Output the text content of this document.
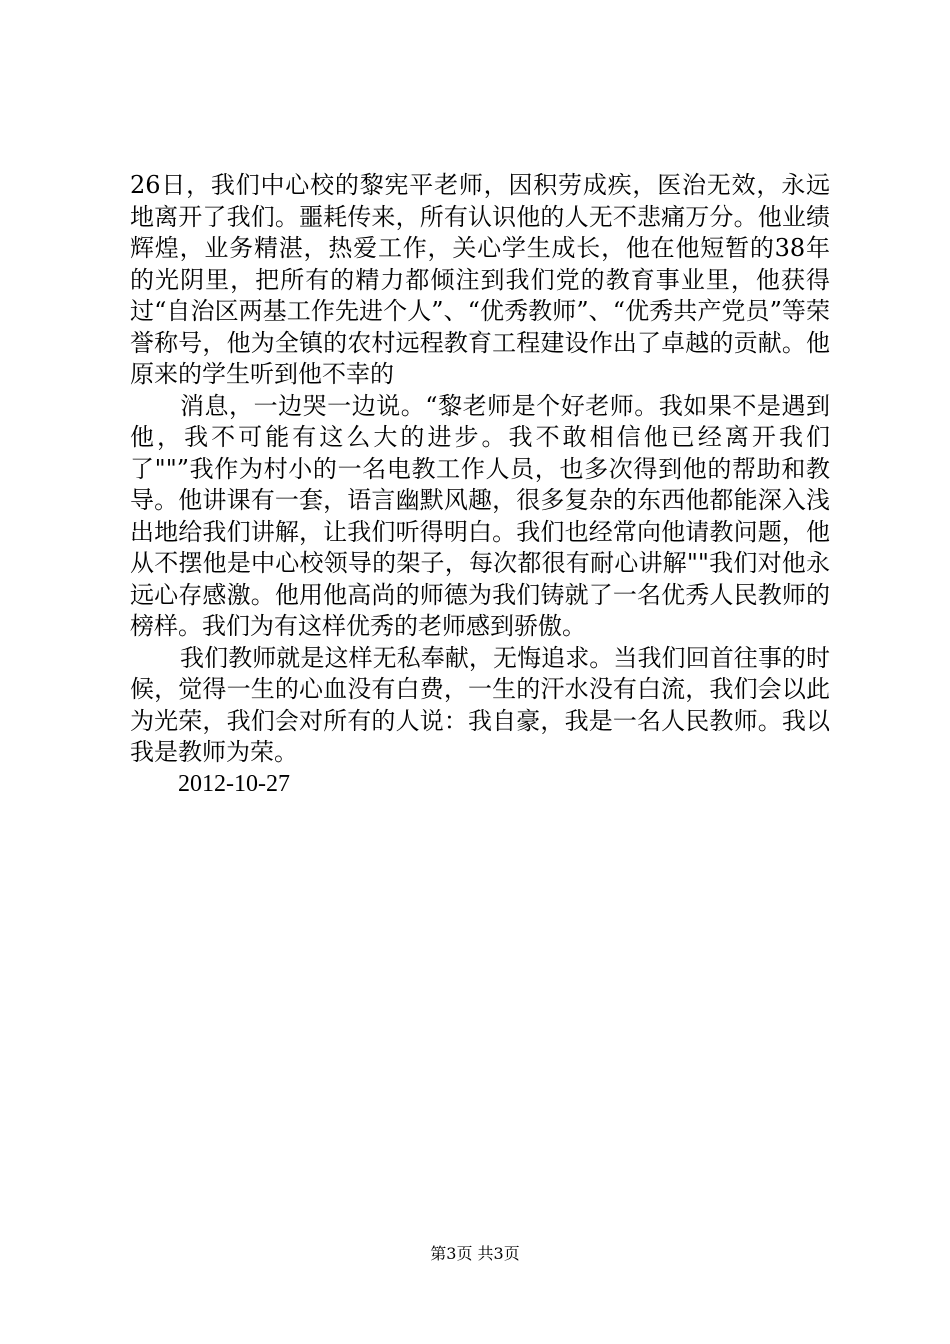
26日，我们中心校的黎宪平老师，因积劳成疾，医治无效，永远地离开了我们。噩耗传来，所有认识他的人无不悲痛万分。他业绩辉煌，业务精湛，热爱工作，关心学生成长，他在他短暂的38年的光阴里，把所有的精力都倾注到我们党的教育事业里，他获得过“自治区两基工作先进个人”、“优秀教师”、“优秀共产党员”等荣誉称号，他为全镇的农村远程教育工程建设作出了卓越的贡献。他原来的学生听到他不幸的

消息，一边哭一边说。“黎老师是个好老师。我如果不是遇到他，我不可能有这么大的进步。我不敢相信他已经离开我们了""”我作为村小的一名电教工作人员，也多次得到他的帮助和教导。他讲课有一套，语言幽默风趣，很多复杂的东西他都能深入浅出地给我们讲解，让我们听得明白。我们也经常向他请教问题，他从不摆他是中心校领导的架子，每次都很有耐心讲解""我们对他永远心存感激。他用他高尚的师德为我们铸就了一名优秀人民教师的榜样。我们为有这样优秀的老师感到骄傲。

我们教师就是这样无私奉献，无悔追求。当我们回首往事的时候，觉得一生的心血没有白费，一生的汗水没有白流，我们会以此为光荣，我们会对所有的人说：我自豪，我是一名人民教师。我以我是教师为荣。

2012-10-27

第3页 共3页
